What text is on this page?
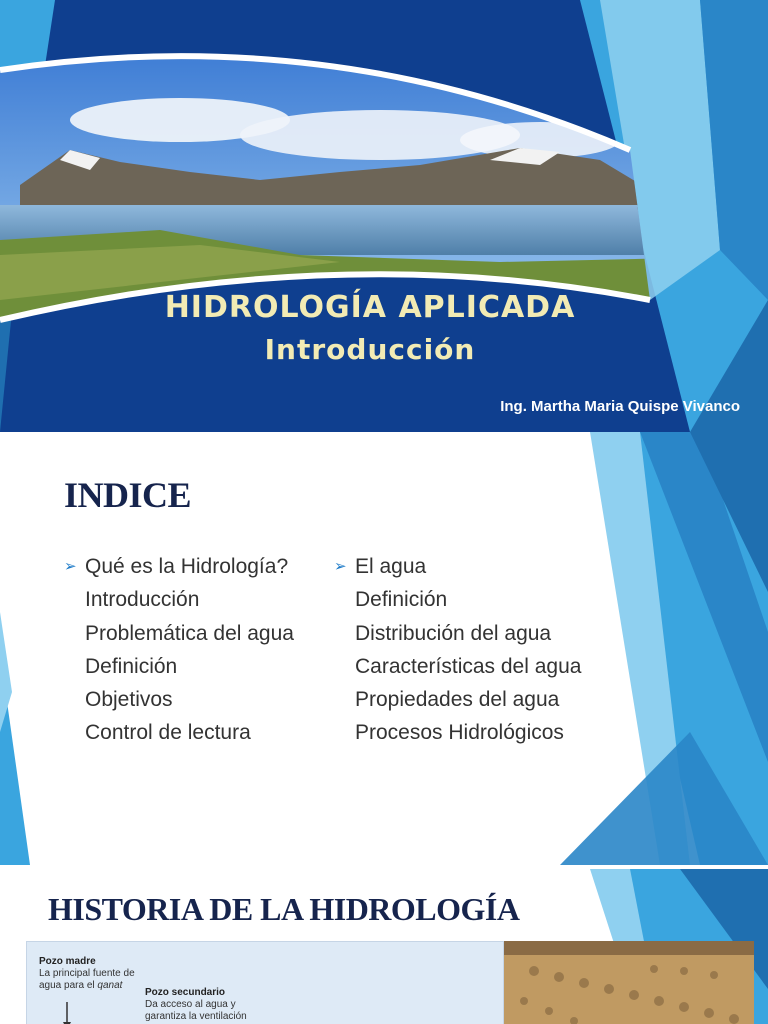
HIDROLOGÍA APLICADA
Introducción
Ing. Martha Maria Quispe Vivanco
INDICE
➢ Qué es la Hidrología?
Introducción
Problemática del agua
Definición
Objetivos
Control de lectura
➢ El agua
Definición
Distribución del agua
Características del agua
Propiedades del agua
Procesos Hidrológicos
HISTORIA DE LA HIDROLOGÍA
Pozo madre
La principal fuente de
agua para el qanat
Pozo secundario
Da acceso al agua y
garantiza la ventilación
